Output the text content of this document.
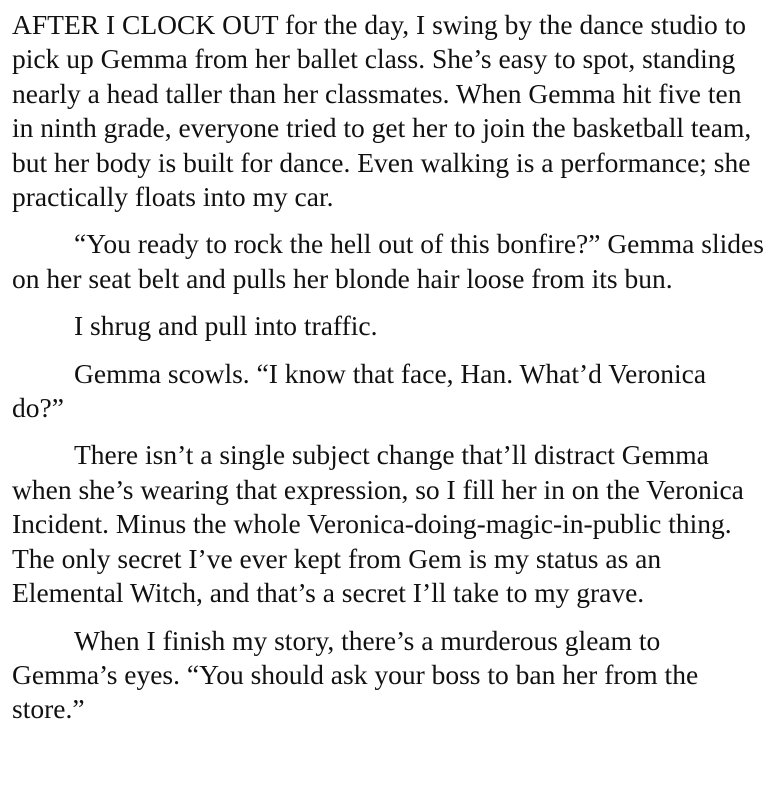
AFTER I CLOCK OUT for the day, I swing by the dance studio to pick up Gemma from her ballet class. She’s easy to spot, standing nearly a head taller than her classmates. When Gemma hit five ten in ninth grade, everyone tried to get her to join the basketball team, but her body is built for dance. Even walking is a performance; she practically floats into my car.

“You ready to rock the hell out of this bonfire?” Gemma slides on her seat belt and pulls her blonde hair loose from its bun.

I shrug and pull into traffic.

Gemma scowls. “I know that face, Han. What’d Veronica do?”

There isn’t a single subject change that’ll distract Gemma when she’s wearing that expression, so I fill her in on the Veronica Incident. Minus the whole Veronica-doing-magic-in-public thing. The only secret I’ve ever kept from Gem is my status as an Elemental Witch, and that’s a secret I’ll take to my grave.

When I finish my story, there’s a murderous gleam to Gemma’s eyes. “You should ask your boss to ban her from the store.”
